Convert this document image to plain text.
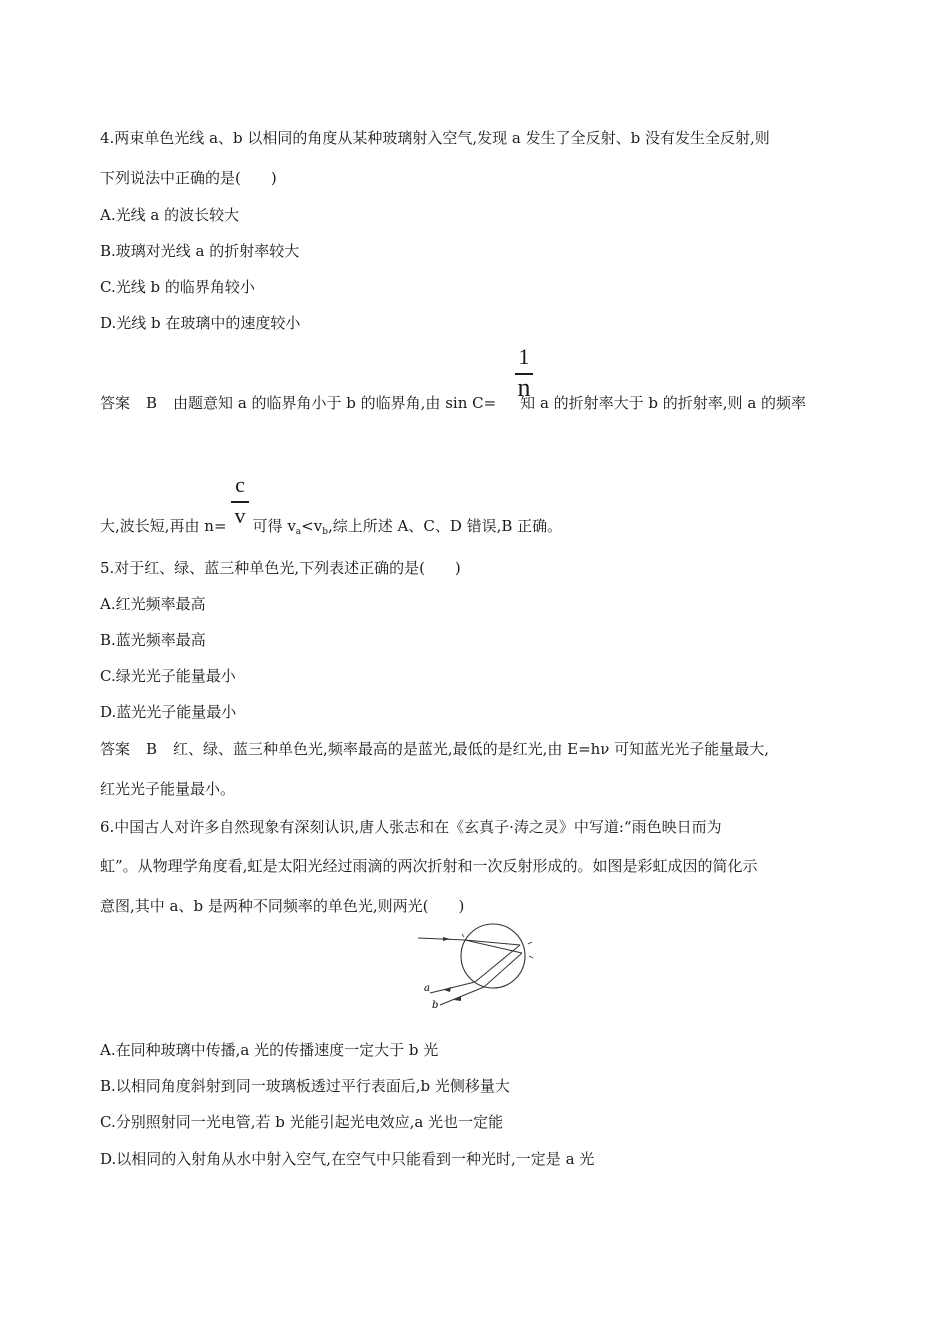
4.两束单色光线 a、b 以相同的角度从某种玻璃射入空气,发现 a 发生了全反射、b 没有发生全反射,则
下列说法中正确的是(　　)
A.光线 a 的波长较大
B.玻璃对光线 a 的折射率较大
C.光线 b 的临界角较小
D.光线 b 在玻璃中的速度较小
答案 B 由题意知 a 的临界角小于 b 的临界角,由 sin C= 知 a 的折射率大于 b 的折射率,则 a 的频率
1
n
大,波长短,再由 n= 可得 $v_a<v_b$,综上所述 A、C、D 错误,B 正确。
c
v
5.对于红、绿、蓝三种单色光,下列表述正确的是(　　)
A.红光频率最高
B.蓝光频率最高
C.绿光光子能量最小
D.蓝光光子能量最小
答案 B 红、绿、蓝三种单色光,频率最高的是蓝光,最低的是红光,由 E=hν 可知蓝光光子能量最大,
红光光子能量最小。
6.中国古人对许多自然现象有深刻认识,唐人张志和在《玄真子·涛之灵》中写道:“雨色映日而为
虹”。从物理学角度看,虹是太阳光经过雨滴的两次折射和一次反射形成的。如图是彩虹成因的简化示
意图,其中 a、b 是两种不同频率的单色光,则两光(　　)
a
b
A.在同种玻璃中传播,a 光的传播速度一定大于 b 光
B.以相同角度斜射到同一玻璃板透过平行表面后,b 光侧移量大
C.分别照射同一光电管,若 b 光能引起光电效应,a 光也一定能
D.以相同的入射角从水中射入空气,在空气中只能看到一种光时,一定是 a 光
